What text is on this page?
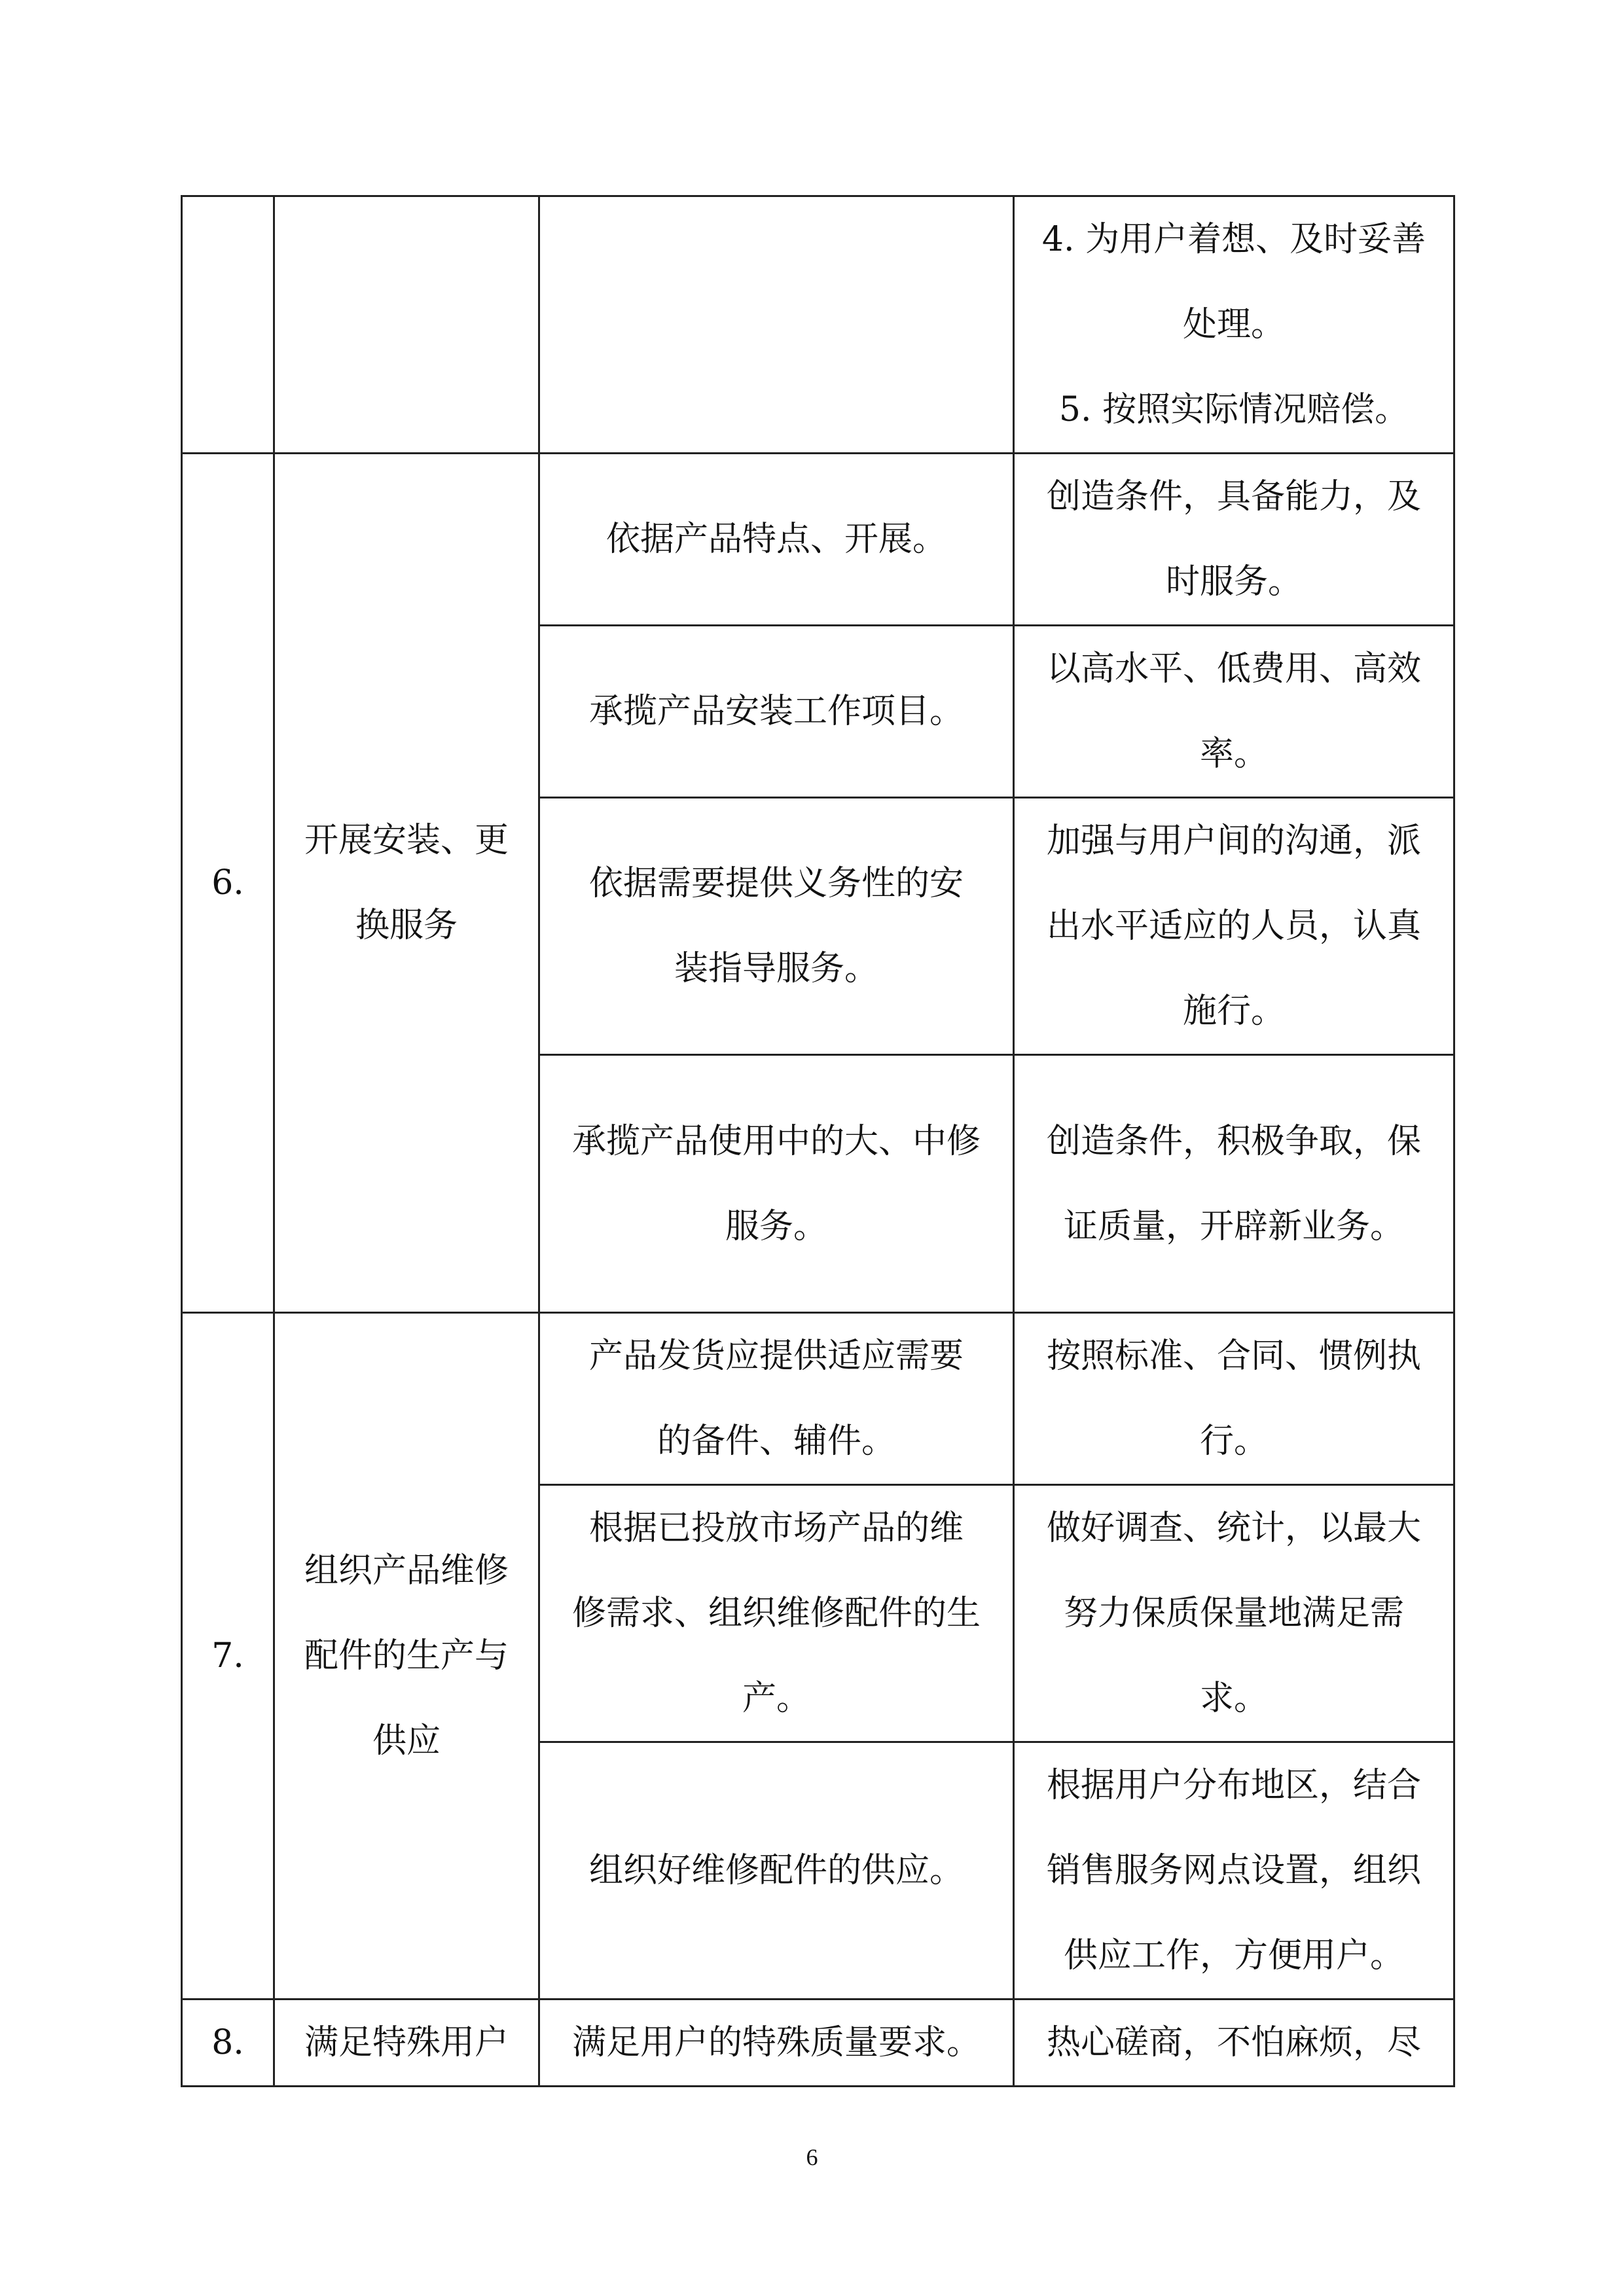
			4. 为用户着想、及时妥善
处理。
5. 按照实际情况赔偿。

6.	开展安装、更
换服务	依据产品特点、开展。	创造条件，具备能力，及
时服务。

		承揽产品安装工作项目。	以高水平、低费用、高效
率。

		依据需要提供义务性的安
装指导服务。	加强与用户间的沟通，派
出水平适应的人员，认真
施行。

		承揽产品使用中的大、中修
服务。	创造条件，积极争取，保
证质量，开辟新业务。

7.	组织产品维修
配件的生产与
供应	产品发货应提供适应需要
的备件、辅件。	按照标准、合同、惯例执
行。

		根据已投放市场产品的维
修需求、组织维修配件的生
产。	做好调查、统计，以最大
努力保质保量地满足需
求。

		组织好维修配件的供应。	根据用户分布地区，结合
销售服务网点设置，组织
供应工作，方便用户。

8.	满足特殊用户	满足用户的特殊质量要求。	热心磋商，不怕麻烦，尽
6
